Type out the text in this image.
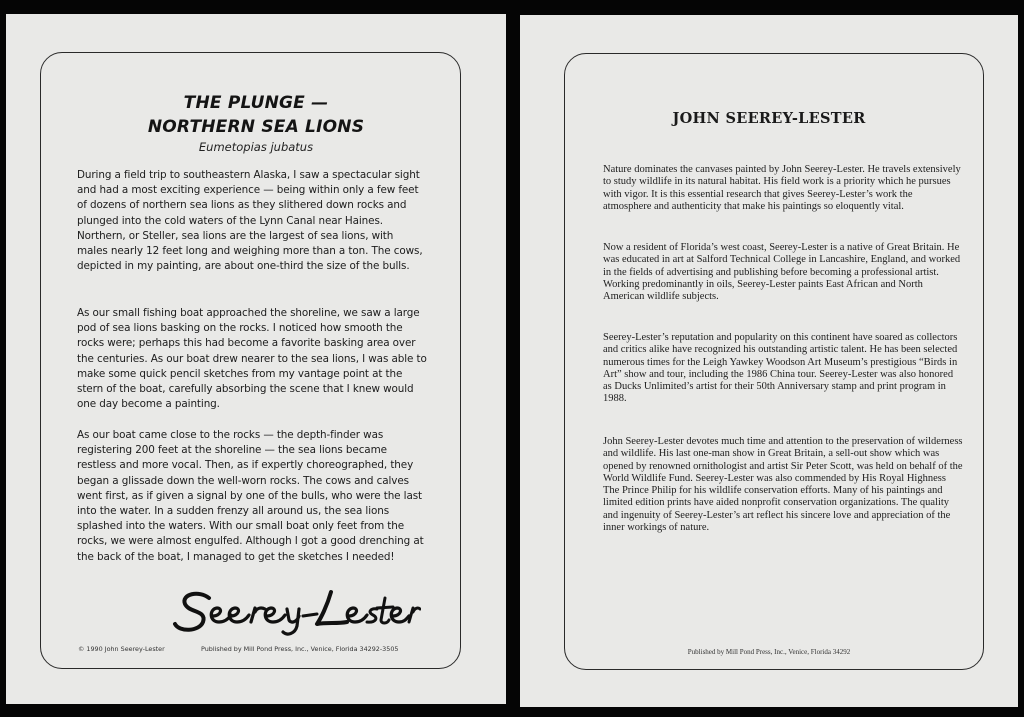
THE PLUNGE —
NORTHERN SEA LIONS
Eumetopias jubatus
During a field trip to southeastern Alaska, I saw a spectacular sight and had a most exciting experience — being within only a few feet of dozens of northern sea lions as they slithered down rocks and plunged into the cold waters of the Lynn Canal near Haines. Northern, or Steller, sea lions are the largest of sea lions, with males nearly 12 feet long and weighing more than a ton. The cows, depicted in my painting, are about one-third the size of the bulls.
As our small fishing boat approached the shoreline, we saw a large pod of sea lions basking on the rocks. I noticed how smooth the rocks were; perhaps this had become a favorite basking area over the centuries. As our boat drew nearer to the sea lions, I was able to make some quick pencil sketches from my vantage point at the stern of the boat, carefully absorbing the scene that I knew would one day become a painting.
As our boat came close to the rocks — the depth-finder was registering 200 feet at the shoreline — the sea lions became restless and more vocal. Then, as if expertly choreographed, they began a glissade down the well-worn rocks. The cows and calves went first, as if given a signal by one of the bulls, who were the last into the water. In a sudden frenzy all around us, the sea lions splashed into the waters. With our small boat only feet from the rocks, we were almost engulfed. Although I got a good drenching at the back of the boat, I managed to get the sketches I needed!
© 1990 John Seerey-Lester	Published by Mill Pond Press, Inc., Venice, Florida 34292-3505
JOHN SEEREY-LESTER
Nature dominates the canvases painted by John Seerey-Lester. He travels extensively to study wildlife in its natural habitat. His field work is a priority which he pursues with vigor. It is this essential research that gives Seerey-Lester’s work the atmosphere and authenticity that make his paintings so eloquently vital.
Now a resident of Florida’s west coast, Seerey-Lester is a native of Great Britain. He was educated in art at Salford Technical College in Lancashire, England, and worked in the fields of advertising and publishing before becoming a professional artist. Working predominantly in oils, Seerey-Lester paints East African and North American wildlife subjects.
Seerey-Lester’s reputation and popularity on this continent have soared as collectors and critics alike have recognized his outstanding artistic talent. He has been selected numerous times for the Leigh Yawkey Woodson Art Museum’s prestigious “Birds in Art” show and tour, including the 1986 China tour. Seerey-Lester was also honored as Ducks Unlimited’s artist for their 50th Anniversary stamp and print program in 1988.
John Seerey-Lester devotes much time and attention to the preservation of wilderness and wildlife. His last one-man show in Great Britain, a sell-out show which was opened by renowned ornithologist and artist Sir Peter Scott, was held on behalf of the World Wildlife Fund. Seerey-Lester was also commended by His Royal Highness The Prince Philip for his wildlife conservation efforts. Many of his paintings and limited edition prints have aided nonprofit conservation organizations. The quality and ingenuity of Seerey-Lester’s art reflect his sincere love and appreciation of the inner workings of nature.
Published by Mill Pond Press, Inc., Venice, Florida 34292
